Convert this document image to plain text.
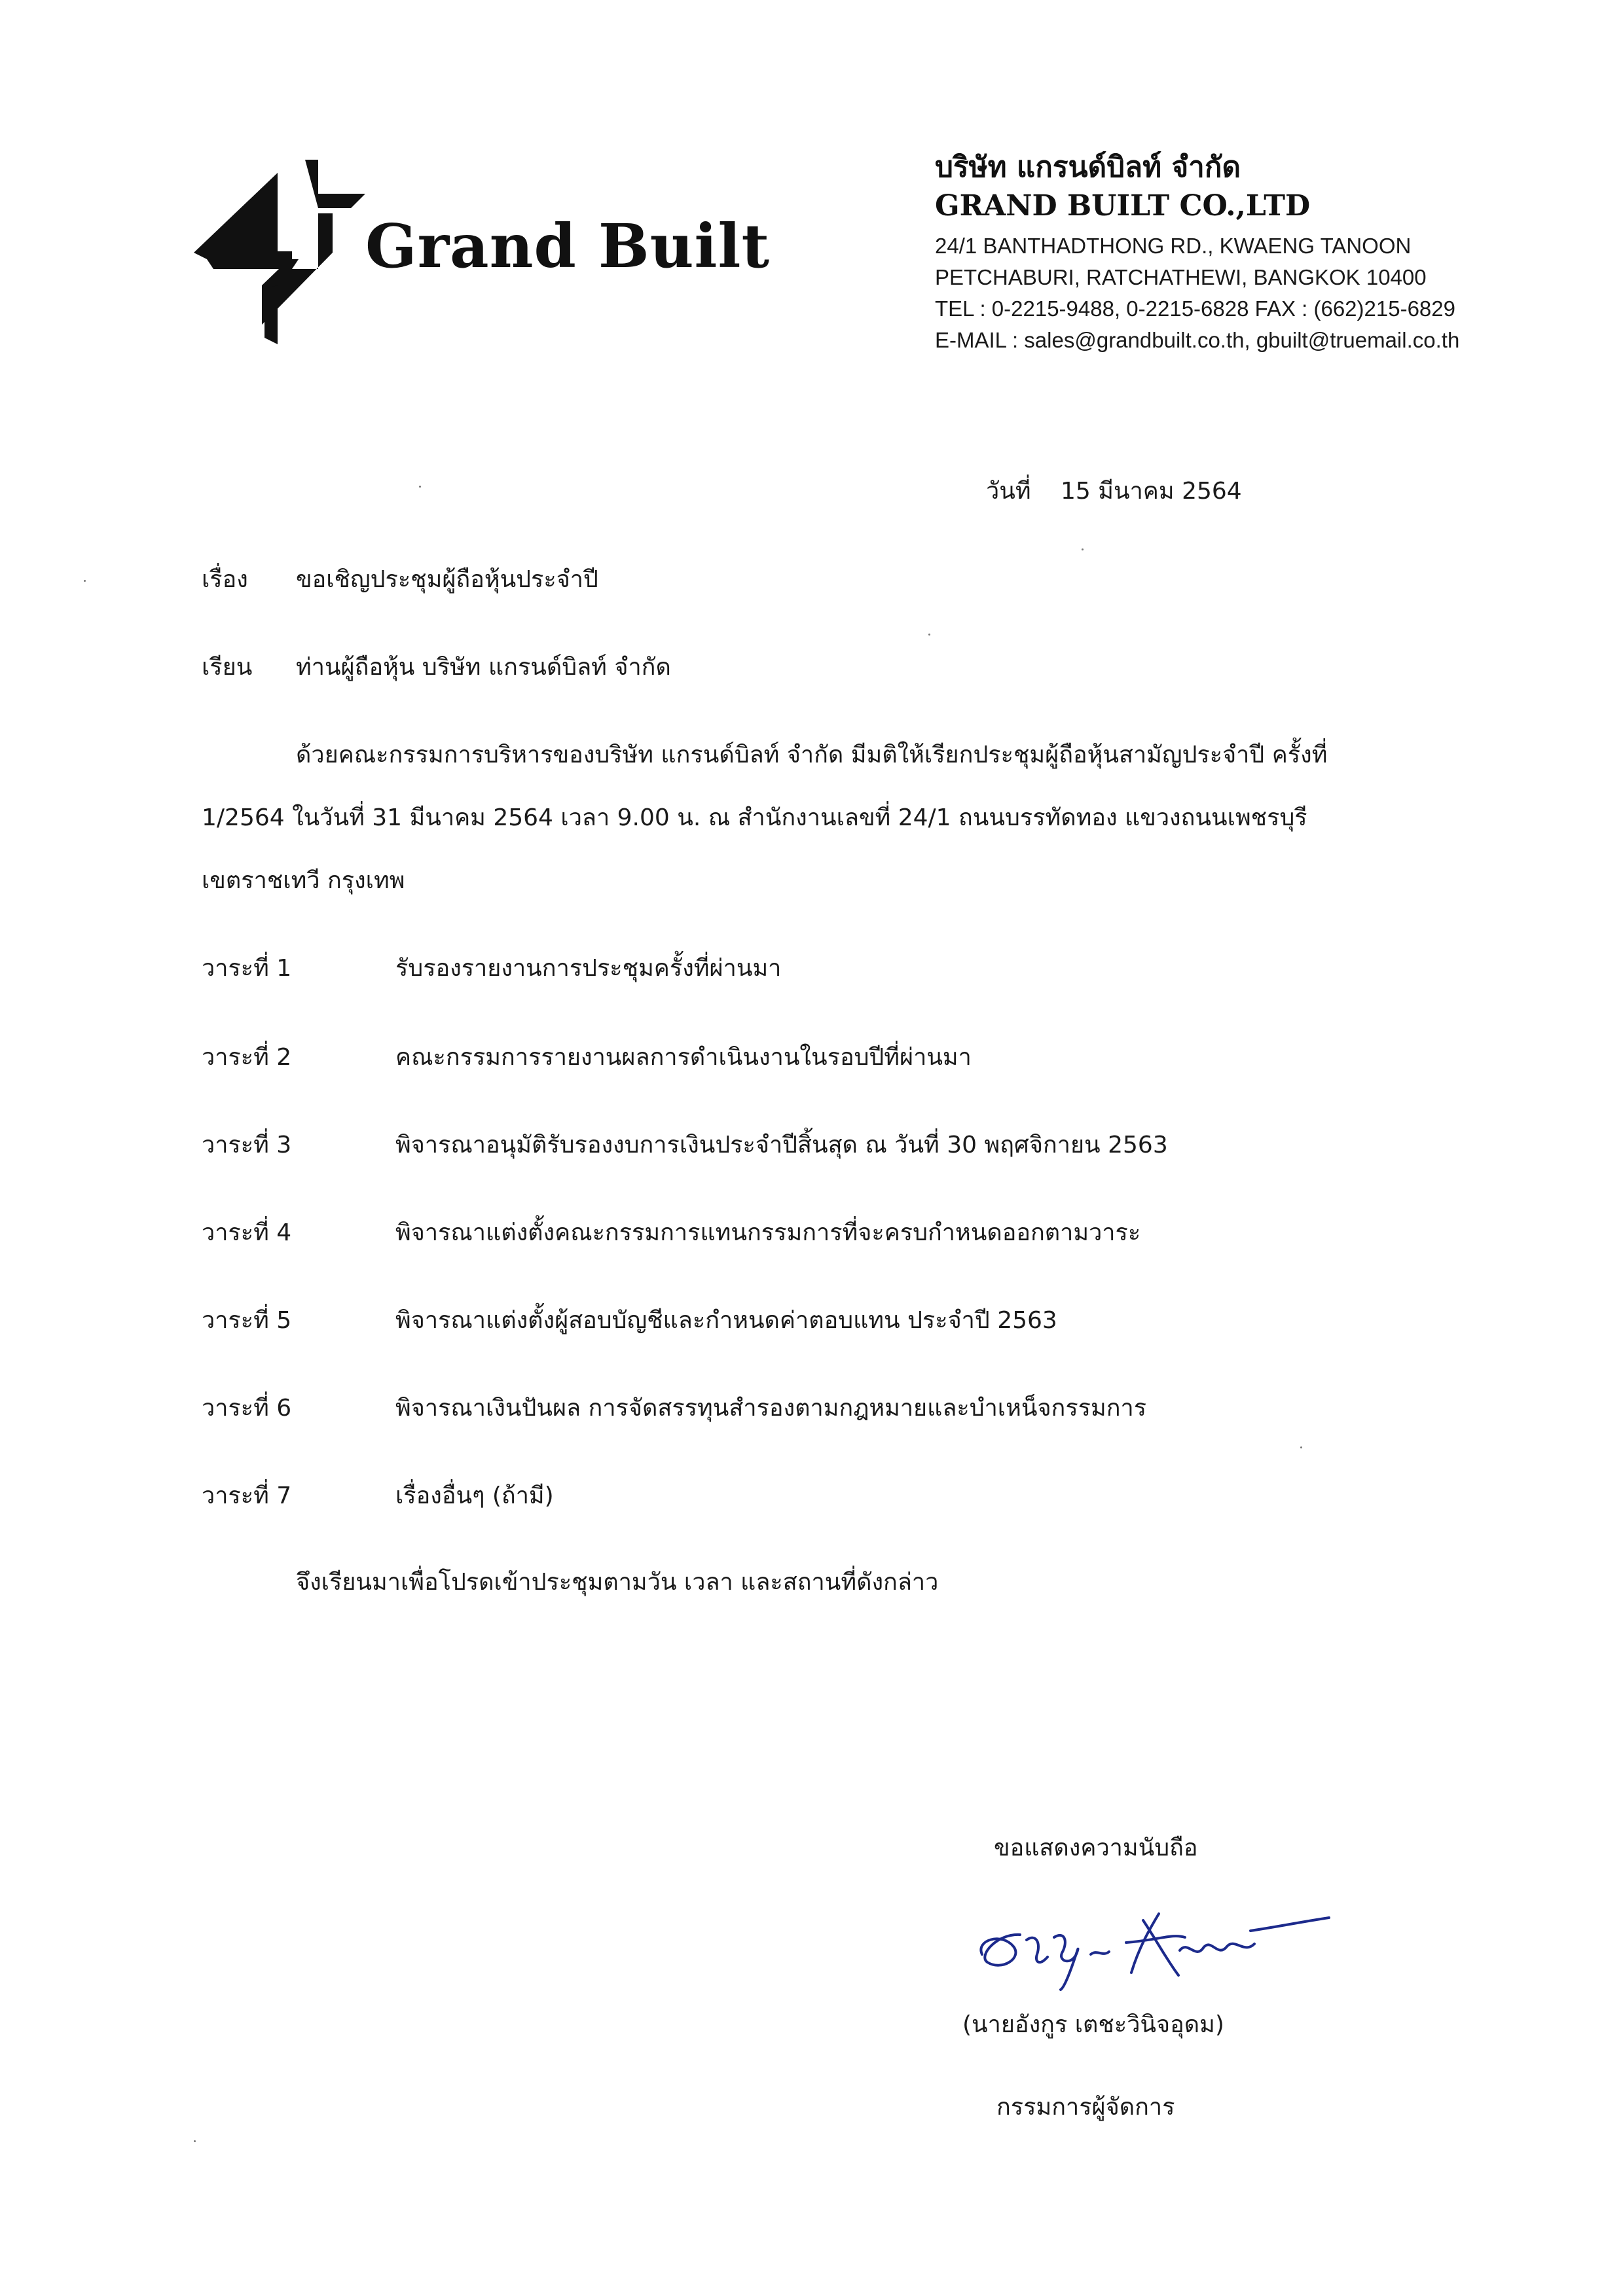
Grand Built
บริษัท แกรนด์บิลท์ จำกัด
GRAND BUILT CO.,LTD
24/1 BANTHADTHONG RD., KWAENG TANOON
PETCHABURI, RATCHATHEWI, BANGKOK 10400
TEL : 0-2215-9488, 0-2215-6828 FAX : (662)215-6829
E-MAIL : sales@grandbuilt.co.th, gbuilt@truemail.co.th
วันที่ 15 มีนาคม 2564
เรื่อง ขอเชิญประชุมผู้ถือหุ้นประจำปี
เรียน ท่านผู้ถือหุ้น บริษัท แกรนด์บิลท์ จำกัด
ด้วยคณะกรรมการบริหารของบริษัท แกรนด์บิลท์ จำกัด มีมติให้เรียกประชุมผู้ถือหุ้นสามัญประจำปี ครั้งที่
1/2564 ในวันที่ 31 มีนาคม 2564 เวลา 9.00 น. ณ สำนักงานเลขที่ 24/1 ถนนบรรทัดทอง แขวงถนนเพชรบุรี
เขตราชเทวี กรุงเทพ
วาระที่ 1	รับรองรายงานการประชุมครั้งที่ผ่านมา
วาระที่ 2	คณะกรรมการรายงานผลการดำเนินงานในรอบปีที่ผ่านมา
วาระที่ 3	พิจารณาอนุมัติรับรองงบการเงินประจำปีสิ้นสุด ณ วันที่ 30 พฤศจิกายน 2563
วาระที่ 4	พิจารณาแต่งตั้งคณะกรรมการแทนกรรมการที่จะครบกำหนดออกตามวาระ
วาระที่ 5	พิจารณาแต่งตั้งผู้สอบบัญชีและกำหนดค่าตอบแทน ประจำปี 2563
วาระที่ 6	พิจารณาเงินปันผล การจัดสรรทุนสำรองตามกฎหมายและบำเหน็จกรรมการ
วาระที่ 7	เรื่องอื่นๆ (ถ้ามี)
จึงเรียนมาเพื่อโปรดเข้าประชุมตามวัน เวลา และสถานที่ดังกล่าว
ขอแสดงความนับถือ
(นายอังกูร เตชะวินิจอุดม)
กรรมการผู้จัดการ
